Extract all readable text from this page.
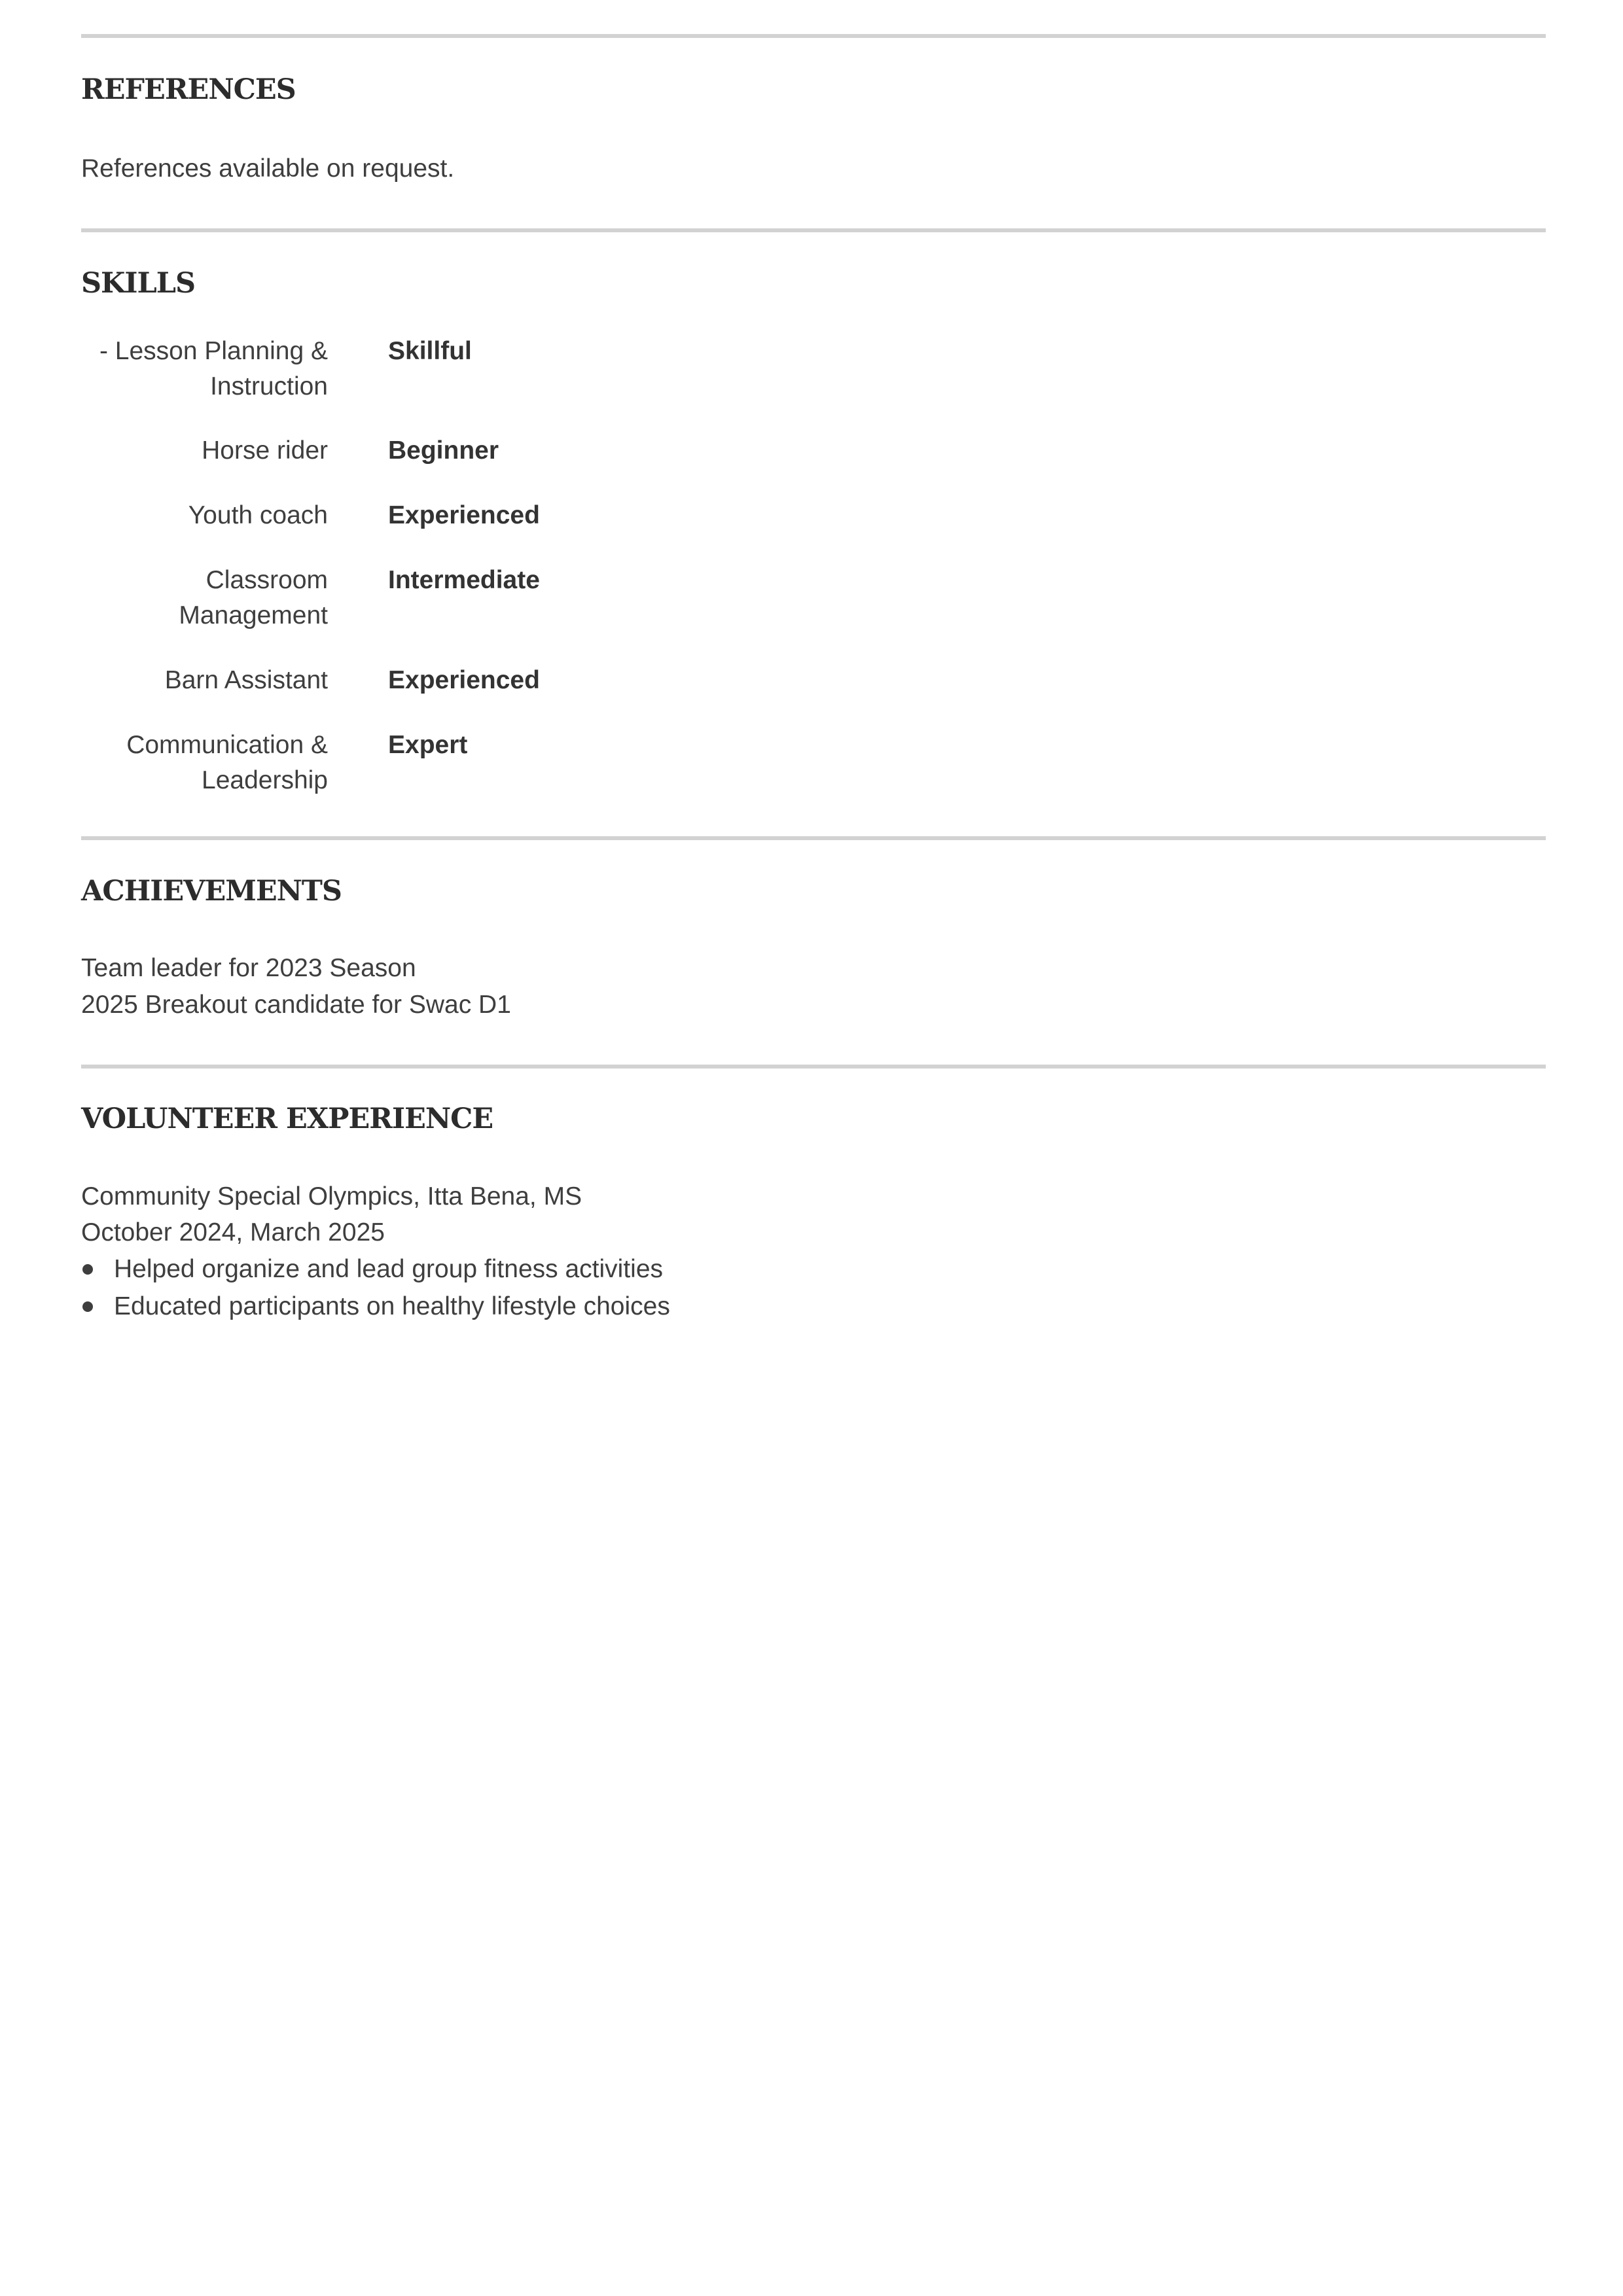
REFERENCES
References available on request.
SKILLS
- Lesson Planning &
Instruction
Skillful
Horse rider Beginner
Youth coach Experienced
Classroom
Management
Intermediate
Barn Assistant Experienced
Communication &
Leadership
Expert
ACHIEVEMENTS
Team leader for 2023 Season
2025 Breakout candidate for Swac D1
VOLUNTEER EXPERIENCE
Community Special Olympics, Itta Bena, MS
October 2024, March 2025
Helped organize and lead group fitness activities
Educated participants on healthy lifestyle choices
